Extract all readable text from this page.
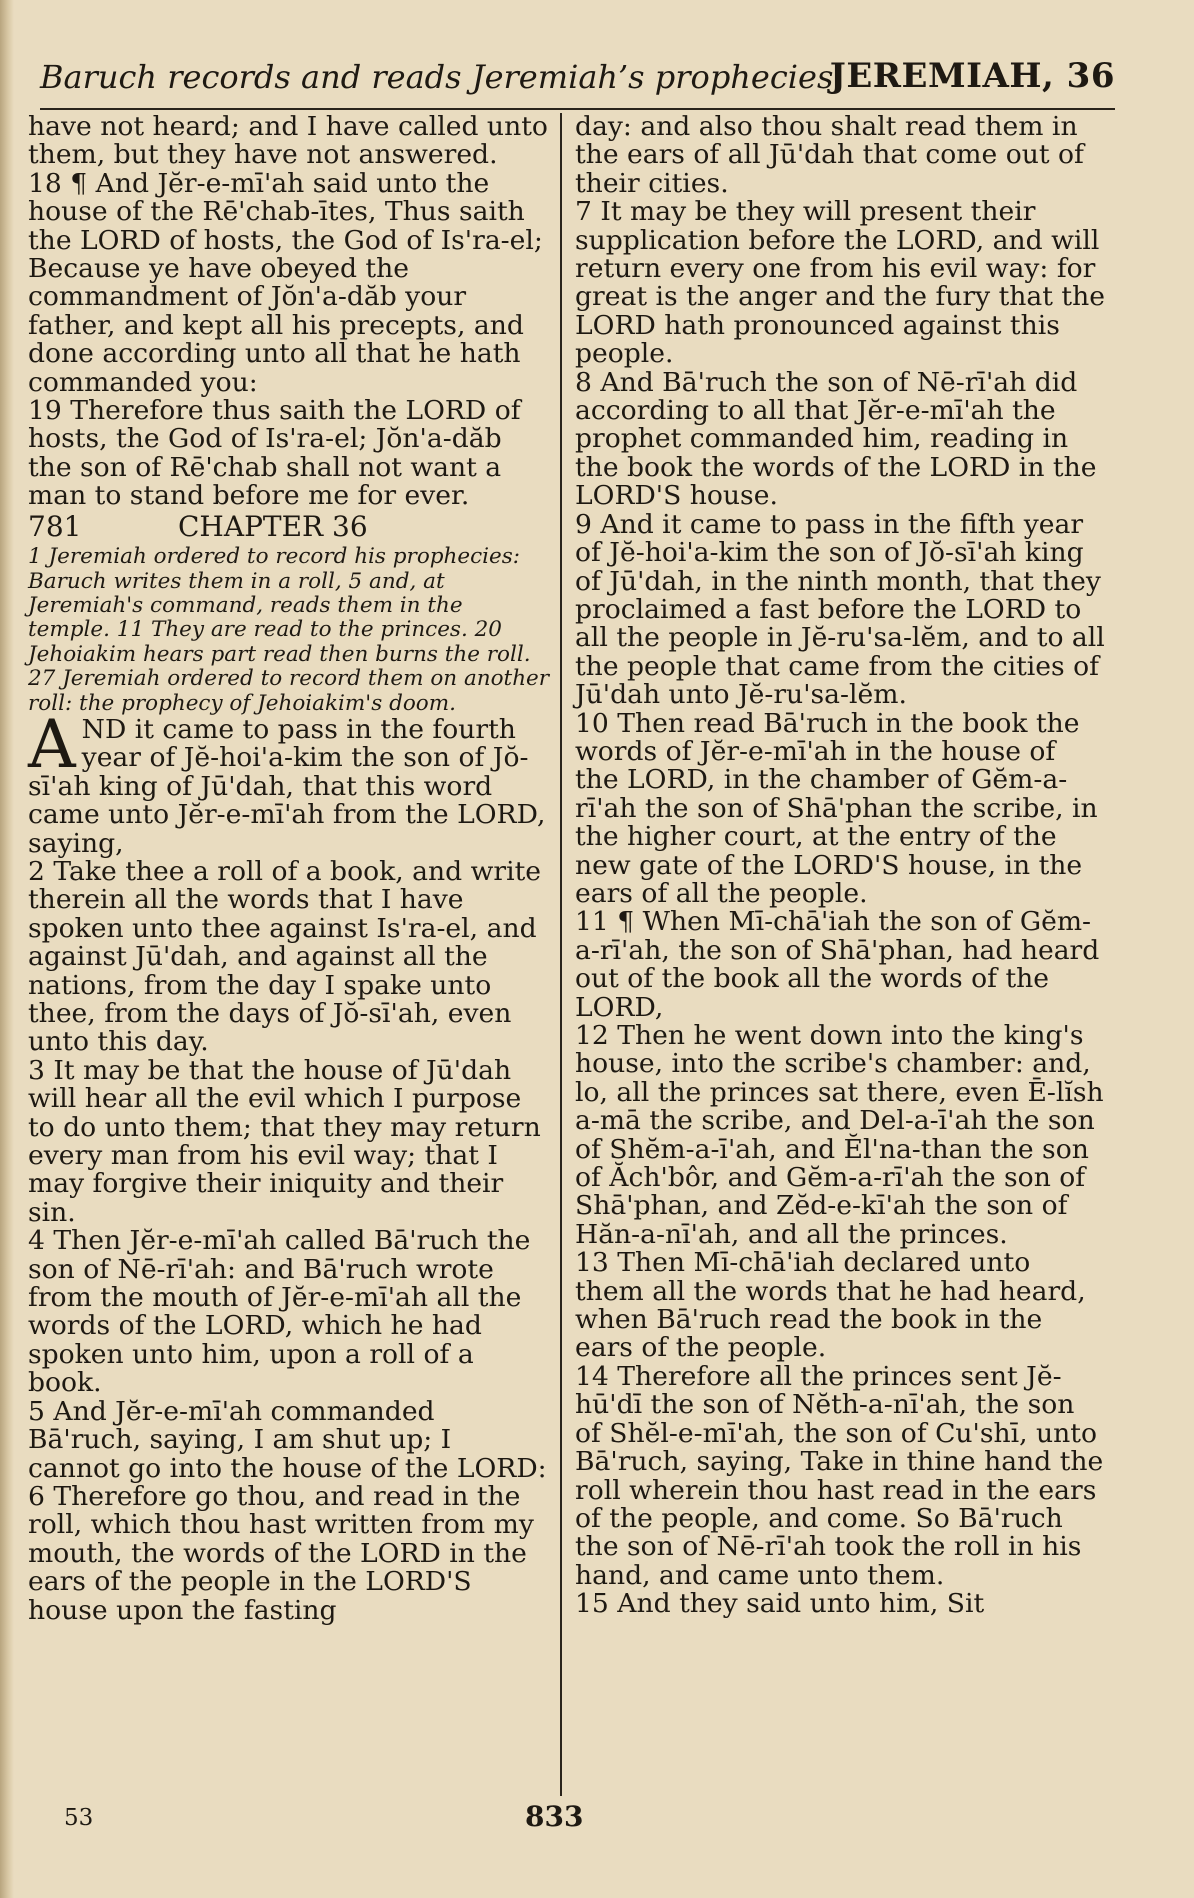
Baruch records and reads Jeremiah’s prophecies
JEREMIAH, 36

have not heard; and I have called unto them, but they have not answered.

18 ¶ And Jĕr-e-mī'ah said unto the house of the Rē'chab-ītes, Thus saith the LORD of hosts, the God of Is'ra-el; Because ye have obeyed the commandment of Jŏn'a-dăb your father, and kept all his precepts, and done according unto all that he hath commanded you:

19 Therefore thus saith the LORD of hosts, the God of Is'ra-el; Jŏn'a-dăb the son of Rē'chab shall not want a man to stand before me for ever.

781	CHAPTER 36

1 Jeremiah ordered to record his prophecies: Baruch writes them in a roll, 5 and, at Jeremiah's command, reads them in the temple. 11 They are read to the princes. 20 Jehoiakim hears part read then burns the roll. 27 Jeremiah ordered to record them on another roll: the prophecy of Jehoiakim's doom.

AND it came to pass in the fourth year of Jĕ-hoi'a-kim the son of Jŏ-sī'ah king of Jū'dah, that this word came unto Jĕr-e-mī'ah from the LORD, saying,

2 Take thee a roll of a book, and write therein all the words that I have spoken unto thee against Is'ra-el, and against Jū'dah, and against all the nations, from the day I spake unto thee, from the days of Jŏ-sī'ah, even unto this day.

3 It may be that the house of Jū'dah will hear all the evil which I purpose to do unto them; that they may return every man from his evil way; that I may forgive their iniquity and their sin.

4 Then Jĕr-e-mī'ah called Bā'ruch the son of Nē-rī'ah: and Bā'ruch wrote from the mouth of Jĕr-e-mī'ah all the words of the LORD, which he had spoken unto him, upon a roll of a book.

5 And Jĕr-e-mī'ah commanded Bā'ruch, saying, I am shut up; I cannot go into the house of the LORD:

6 Therefore go thou, and read in the roll, which thou hast written from my mouth, the words of the LORD in the ears of the people in the LORD'S house upon the fasting

day: and also thou shalt read them in the ears of all Jū'dah that come out of their cities.

7 It may be they will present their supplication before the LORD, and will return every one from his evil way: for great is the anger and the fury that the LORD hath pronounced against this people.

8 And Bā'ruch the son of Nē-rī'ah did according to all that Jĕr-e-mī'ah the prophet commanded him, reading in the book the words of the LORD in the LORD'S house.

9 And it came to pass in the fifth year of Jĕ-hoi'a-kim the son of Jŏ-sī'ah king of Jū'dah, in the ninth month, that they proclaimed a fast before the LORD to all the people in Jĕ-ru'sa-lĕm, and to all the people that came from the cities of Jū'dah unto Jĕ-ru'sa-lĕm.

10 Then read Bā'ruch in the book the words of Jĕr-e-mī'ah in the house of the LORD, in the chamber of Gĕm-a-rī'ah the son of Shā'phan the scribe, in the higher court, at the entry of the new gate of the LORD'S house, in the ears of all the people.

11 ¶ When Mī-chā'iah the son of Gĕm-a-rī'ah, the son of Shā'phan, had heard out of the book all the words of the LORD,

12 Then he went down into the king's house, into the scribe's chamber: and, lo, all the princes sat there, even Ē-lĭsh a-mā the scribe, and Del-a-ī'ah the son of Shĕm-a-ī'ah, and Ĕl'na-than the son of Ăch'bôr, and Gĕm-a-rī'ah the son of Shā'phan, and Zĕd-e-kī'ah the son of Hăn-a-nī'ah, and all the princes.

13 Then Mī-chā'iah declared unto them all the words that he had heard, when Bā'ruch read the book in the ears of the people.

14 Therefore all the princes sent Jĕ-hū'dī the son of Nĕth-a-nī'ah, the son of Shĕl-e-mī'ah, the son of Cu'shī, unto Bā'ruch, saying, Take in thine hand the roll wherein thou hast read in the ears of the people, and come. So Bā'ruch the son of Nē-rī'ah took the roll in his hand, and came unto them.

15 And they said unto him, Sit

53	833
